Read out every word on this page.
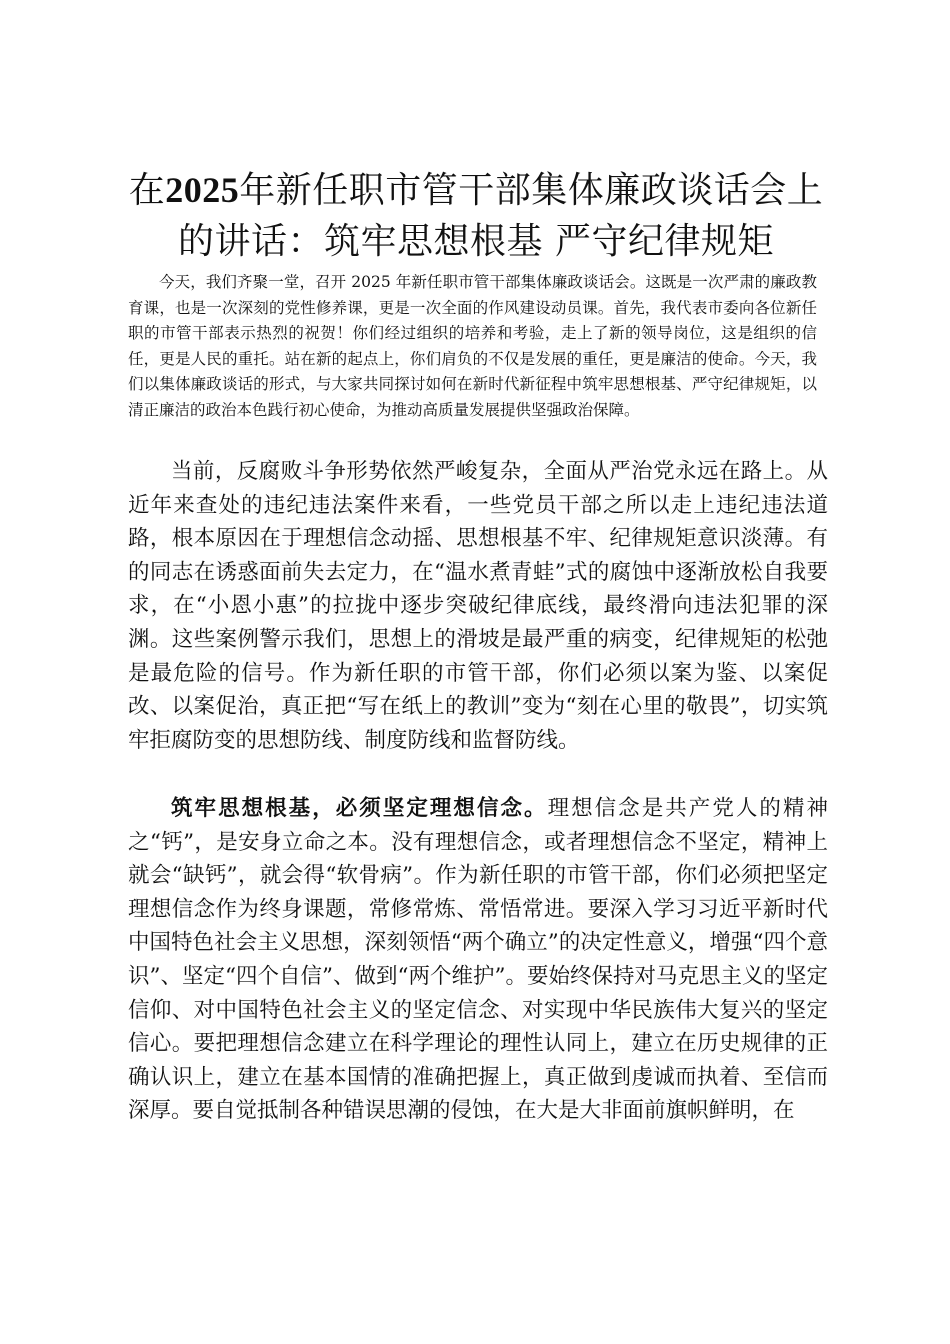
在2025年新任职市管干部集体廉政谈话会上的讲话：筑牢思想根基 严守纪律规矩

今天，我们齐聚一堂，召开 2025 年新任职市管干部集体廉政谈话会。这既是一次严肃的廉政教育课，也是一次深刻的党性修养课，更是一次全面的作风建设动员课。首先，我代表市委向各位新任职的市管干部表示热烈的祝贺！你们经过组织的培养和考验，走上了新的领导岗位，这是组织的信任，更是人民的重托。站在新的起点上，你们肩负的不仅是发展的重任，更是廉洁的使命。今天，我们以集体廉政谈话的形式，与大家共同探讨如何在新时代新征程中筑牢思想根基、严守纪律规矩，以清正廉洁的政治本色践行初心使命，为推动高质量发展提供坚强政治保障。

当前，反腐败斗争形势依然严峻复杂，全面从严治党永远在路上。从近年来查处的违纪违法案件来看，一些党员干部之所以走上违纪违法道路，根本原因在于理想信念动摇、思想根基不牢、纪律规矩意识淡薄。有的同志在诱惑面前失去定力，在“温水煮青蛙”式的腐蚀中逐渐放松自我要求，在“小恩小惠”的拉拢中逐步突破纪律底线，最终滑向违法犯罪的深渊。这些案例警示我们，思想上的滑坡是最严重的病变，纪律规矩的松弛是最危险的信号。作为新任职的市管干部，你们必须以案为鉴、以案促改、以案促治，真正把“写在纸上的教训”变为“刻在心里的敬畏”，切实筑牢拒腐防变的思想防线、制度防线和监督防线。

筑牢思想根基，必须坚定理想信念。理想信念是共产党人的精神之“钙”，是安身立命之本。没有理想信念，或者理想信念不坚定，精神上就会“缺钙”，就会得“软骨病”。作为新任职的市管干部，你们必须把坚定理想信念作为终身课题，常修常炼、常悟常进。要深入学习习近平新时代中国特色社会主义思想，深刻领悟“两个确立”的决定性意义，增强“四个意识”、坚定“四个自信”、做到“两个维护”。要始终保持对马克思主义的坚定信仰、对中国特色社会主义的坚定信念、对实现中华民族伟大复兴的坚定信心。要把理想信念建立在科学理论的理性认同上，建立在历史规律的正确认识上，建立在基本国情的准确把握上，真正做到虔诚而执着、至信而深厚。要自觉抵制各种错误思潮的侵蚀，在大是大非面前旗帜鲜明，在
